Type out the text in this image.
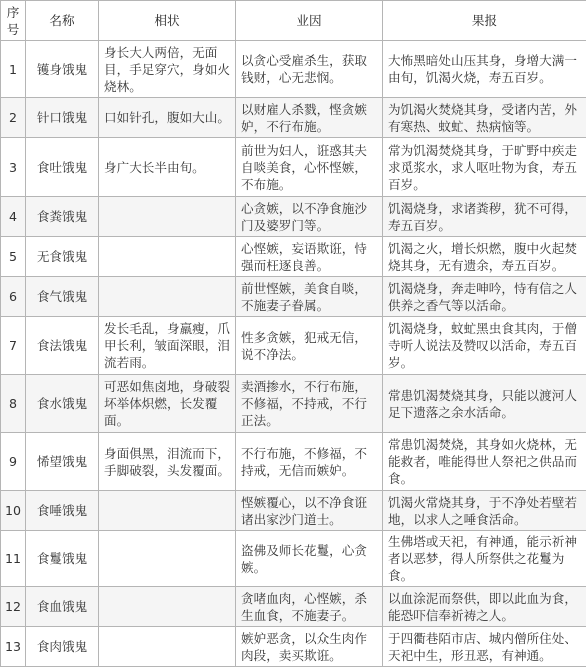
序号	名称	相状	业因	果报
1	镬身饿鬼	身长大人两倍，无面目，手足穿穴，身如火烧林。	以贪心受雇杀生，获取钱财，心无悲悯。	大怖黑暗处山压其身，身增大满一由旬，饥渴火烧，寿五百岁。
2	针口饿鬼	口如针孔，腹如大山。	以财雇人杀戮，悭贪嫉妒，不行布施。	为饥渴火焚烧其身，受诸内苦，外有寒热、蚊虻、热病恼等。
3	食吐饿鬼	身广大长半由旬。	前世为妇人，诳惑其夫自啖美食，心怀悭嫉，不布施。	常为饥渴焚烧其身，于旷野中疾走求觅浆水，求人呕吐物为食，寿五百岁。
4	食粪饿鬼		心贪嫉，以不净食施沙门及婆罗门等。	饥渴烧身，求诸粪秽，犹不可得，寿五百岁。
5	无食饿鬼		心悭嫉，妄语欺诳，恃强而枉逐良善。	饥渴之火，增长炽燃，腹中火起焚烧其身，无有遗余，寿五百岁。
6	食气饿鬼		前世悭嫉，美食自啖，不施妻子眷属。	饥渴烧身，奔走呻吟，恃有信之人供养之香气等以活命。
7	食法饿鬼	发长毛乱，身羸瘦，爪甲长利，皱面深眼，泪流若雨。	性多贪嫉，犯戒无信，说不净法。	饥渴烧身，蚊虻黑虫食其肉，于僧寺听人说法及赞叹以活命，寿五百岁。
8	食水饿鬼	可恶如焦卤地，身破裂坏举体炽燃，长发覆面。	卖酒掺水，不行布施，不修福，不持戒，不行正法。	常患饥渴焚烧其身，只能以渡河人足下遗落之余水活命。
9	悕望饿鬼	身面俱黑，泪流而下，手脚破裂，头发覆面。	不行布施，不修福，不持戒，无信而嫉妒。	常患饥渴焚烧，其身如火烧林，无能救者，唯能得世人祭祀之供品而食。
10	食唾饿鬼		悭嫉覆心，以不净食诳诸出家沙门道士。	饥渴火常烧其身，于不净处若壁若地，以求人之唾食活命。
11	食鬘饿鬼		盗佛及师长花鬘，心贪嫉。	生佛塔或天祀，有神通，能示祈神者以恶梦，得人所祭供之花鬘为食。
12	食血饿鬼		贪啫血肉，心悭嫉，杀生血食，不施妻子。	以血涂泥而祭供，即以此血为食，能恐吓信奉祈祷之人。
13	食肉饿鬼		嫉妒恶贪，以众生肉作肉段，卖买欺诳。	于四衢巷陌市店、城内僧所住处、天祀中生，形丑恶，有神通。
